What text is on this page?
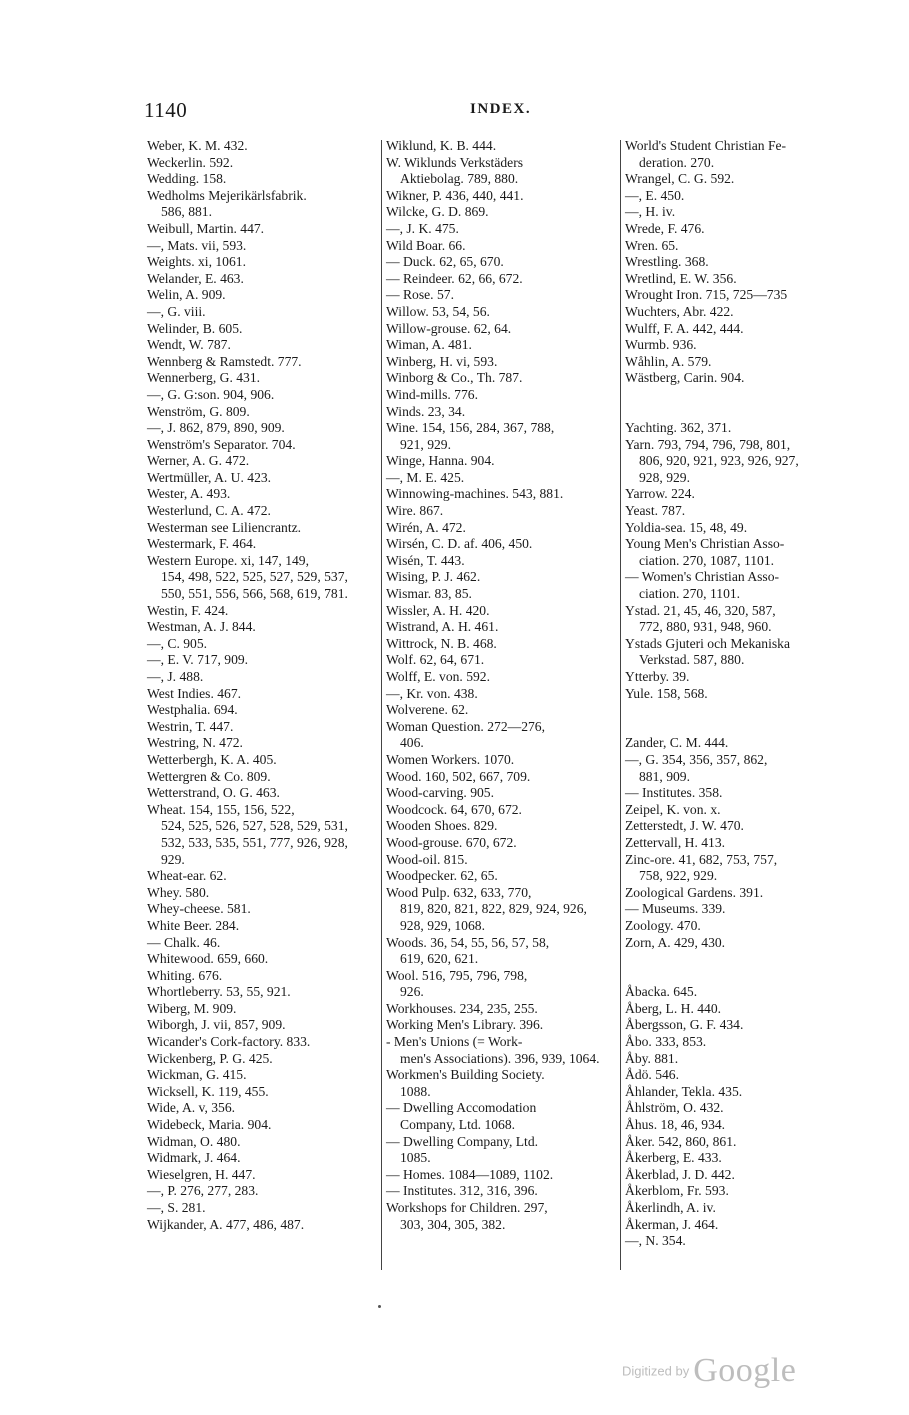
1140	INDEX.
Weber, K. M. 432.
Weckerlin. 592.
Wedding. 158.
Wedholms Mejerikärlsfabrik.
586, 881.
Weibull, Martin. 447.
—, Mats. vii, 593.
Weights. xi, 1061.
Welander, E. 463.
Welin, A. 909.
—, G. viii.
Welinder, B. 605.
Wendt, W. 787.
Wennberg & Ramstedt. 777.
Wennerberg, G. 431.
—, G. G:son. 904, 906.
Wenström, G. 809.
—, J. 862, 879, 890, 909.
Wenström's Separator. 704.
Werner, A. G. 472.
Wertmüller, A. U. 423.
Wester, A. 493.
Westerlund, C. A. 472.
Westerman see Liliencrantz.
Westermark, F. 464.
Western Europe. xi, 147, 149,
154, 498, 522, 525, 527, 529, 537, 550, 551, 556, 566, 568, 619, 781.
Westin, F. 424.
Westman, A. J. 844.
—, C. 905.
—, E. V. 717, 909.
—, J. 488.
West Indies. 467.
Westphalia. 694.
Westrin, T. 447.
Westring, N. 472.
Wetterbergh, K. A. 405.
Wettergren & Co. 809.
Wetterstrand, O. G. 463.
Wheat. 154, 155, 156, 522,
524, 525, 526, 527, 528, 529, 531, 532, 533, 535, 551, 777, 926, 928, 929.
Wheat-ear. 62.
Whey. 580.
Whey-cheese. 581.
White Beer. 284.
— Chalk. 46.
Whitewood. 659, 660.
Whiting. 676.
Whortleberry. 53, 55, 921.
Wiberg, M. 909.
Wiborgh, J. vii, 857, 909.
Wicander's Cork-factory. 833.
Wickenberg, P. G. 425.
Wickman, G. 415.
Wicksell, K. 119, 455.
Wide, A. v, 356.
Widebeck, Maria. 904.
Widman, O. 480.
Widmark, J. 464.
Wieselgren, H. 447.
—, P. 276, 277, 283.
—, S. 281.
Wijkander, A. 477, 486, 487.
Wiklund, K. B. 444.
W. Wiklunds Verkstäders
Aktiebolag. 789, 880.
Wikner, P. 436, 440, 441.
Wilcke, G. D. 869.
—, J. K. 475.
Wild Boar. 66.
— Duck. 62, 65, 670.
— Reindeer. 62, 66, 672.
— Rose. 57.
Willow. 53, 54, 56.
Willow-grouse. 62, 64.
Wiman, A. 481.
Winberg, H. vi, 593.
Winborg & Co., Th. 787.
Wind-mills. 776.
Winds. 23, 34.
Wine. 154, 156, 284, 367, 788,
921, 929.
Winge, Hanna. 904.
—, M. E. 425.
Winnowing-machines. 543, 881.
Wire. 867.
Wirén, A. 472.
Wirsén, C. D. af. 406, 450.
Wisén, T. 443.
Wising, P. J. 462.
Wismar. 83, 85.
Wissler, A. H. 420.
Wistrand, A. H. 461.
Wittrock, N. B. 468.
Wolf. 62, 64, 671.
Wolff, E. von. 592.
—, Kr. von. 438.
Wolverene. 62.
Woman Question. 272—276,
406.
Women Workers. 1070.
Wood. 160, 502, 667, 709.
Wood-carving. 905.
Woodcock. 64, 670, 672.
Wooden Shoes. 829.
Wood-grouse. 670, 672.
Wood-oil. 815.
Woodpecker. 62, 65.
Wood Pulp. 632, 633, 770,
819, 820, 821, 822, 829, 924, 926, 928, 929, 1068.
Woods. 36, 54, 55, 56, 57, 58,
619, 620, 621.
Wool. 516, 795, 796, 798,
926.
Workhouses. 234, 235, 255.
Working Men's Library. 396.
- Men's Unions (= Work-
men's Associations). 396, 939, 1064.
Workmen's Building Society.
1088.
— Dwelling Accomodation
Company, Ltd. 1068.
— Dwelling Company, Ltd.
1085.
— Homes. 1084—1089, 1102.
— Institutes. 312, 316, 396.
Workshops for Children. 297,
303, 304, 305, 382.
World's Student Christian Fe-
deration. 270.
Wrangel, C. G. 592.
—, E. 450.
—, H. iv.
Wrede, F. 476.
Wren. 65.
Wrestling. 368.
Wretlind, E. W. 356.
Wrought Iron. 715, 725—735
Wuchters, Abr. 422.
Wulff, F. A. 442, 444.
Wurmb. 936.
Wåhlin, A. 579.
Wästberg, Carin. 904.
Yachting. 362, 371.
Yarn. 793, 794, 796, 798, 801,
806, 920, 921, 923, 926, 927, 928, 929.
Yarrow. 224.
Yeast. 787.
Yoldia-sea. 15, 48, 49.
Young Men's Christian Asso-
ciation. 270, 1087, 1101.
— Women's Christian Asso-
ciation. 270, 1101.
Ystad. 21, 45, 46, 320, 587,
772, 880, 931, 948, 960.
Ystads Gjuteri och Mekaniska
Verkstad. 587, 880.
Ytterby. 39.
Yule. 158, 568.
Zander, C. M. 444.
—, G. 354, 356, 357, 862,
881, 909.
— Institutes. 358.
Zeipel, K. von. x.
Zetterstedt, J. W. 470.
Zettervall, H. 413.
Zinc-ore. 41, 682, 753, 757,
758, 922, 929.
Zoological Gardens. 391.
— Museums. 339.
Zoology. 470.
Zorn, A. 429, 430.
Åbacka. 645.
Åberg, L. H. 440.
Åbergsson, G. F. 434.
Åbo. 333, 853.
Åby. 881.
Ådö. 546.
Åhlander, Tekla. 435.
Åhlström, O. 432.
Åhus. 18, 46, 934.
Åker. 542, 860, 861.
Åkerberg, E. 433.
Åkerblad, J. D. 442.
Åkerblom, Fr. 593.
Åkerlindh, A. iv.
Åkerman, J. 464.
—, N. 354.
Digitized by Google
